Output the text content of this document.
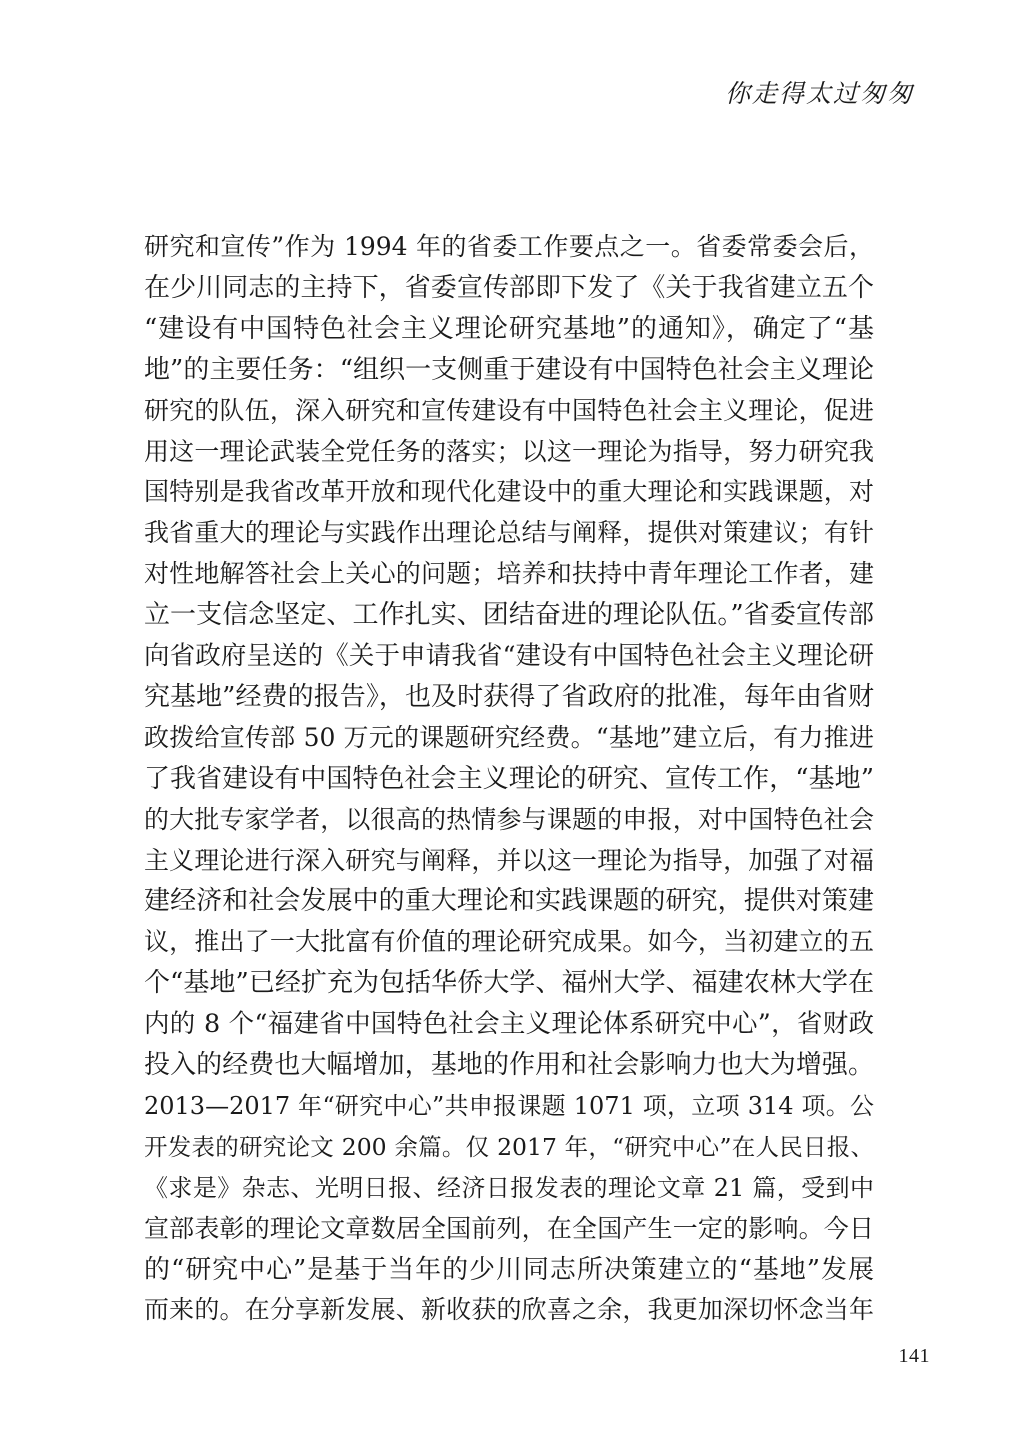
你走得太过匆匆
研究和宣传”作为 1994 年的省委工作要点之一。省委常委会后，
在少川同志的主持下，省委宣传部即下发了《关于我省建立五个
“建设有中国特色社会主义理论研究基地”的通知》，确定了“基
地”的主要任务：“组织一支侧重于建设有中国特色社会主义理论
研究的队伍，深入研究和宣传建设有中国特色社会主义理论，促进
用这一理论武装全党任务的落实；以这一理论为指导，努力研究我
国特别是我省改革开放和现代化建设中的重大理论和实践课题，对
我省重大的理论与实践作出理论总结与阐释，提供对策建议；有针
对性地解答社会上关心的问题；培养和扶持中青年理论工作者，建
立一支信念坚定、工作扎实、团结奋进的理论队伍。”省委宣传部
向省政府呈送的《关于申请我省“建设有中国特色社会主义理论研
究基地”经费的报告》，也及时获得了省政府的批准，每年由省财
政拨给宣传部 50 万元的课题研究经费。“基地”建立后，有力推进
了我省建设有中国特色社会主义理论的研究、宣传工作，“基地”
的大批专家学者，以很高的热情参与课题的申报，对中国特色社会
主义理论进行深入研究与阐释，并以这一理论为指导，加强了对福
建经济和社会发展中的重大理论和实践课题的研究，提供对策建
议，推出了一大批富有价值的理论研究成果。如今，当初建立的五
个“基地”已经扩充为包括华侨大学、福州大学、福建农林大学在
内的 8 个“福建省中国特色社会主义理论体系研究中心”，省财政
投入的经费也大幅增加，基地的作用和社会影响力也大为增强。
2013—2017 年“研究中心”共申报课题 1071 项，立项 314 项。公
开发表的研究论文 200 余篇。仅 2017 年，“研究中心”在人民日报、
《求是》杂志、光明日报、经济日报发表的理论文章 21 篇，受到中
宣部表彰的理论文章数居全国前列，在全国产生一定的影响。今日
的“研究中心”是基于当年的少川同志所决策建立的“基地”发展
而来的。在分享新发展、新收获的欣喜之余，我更加深切怀念当年
141
